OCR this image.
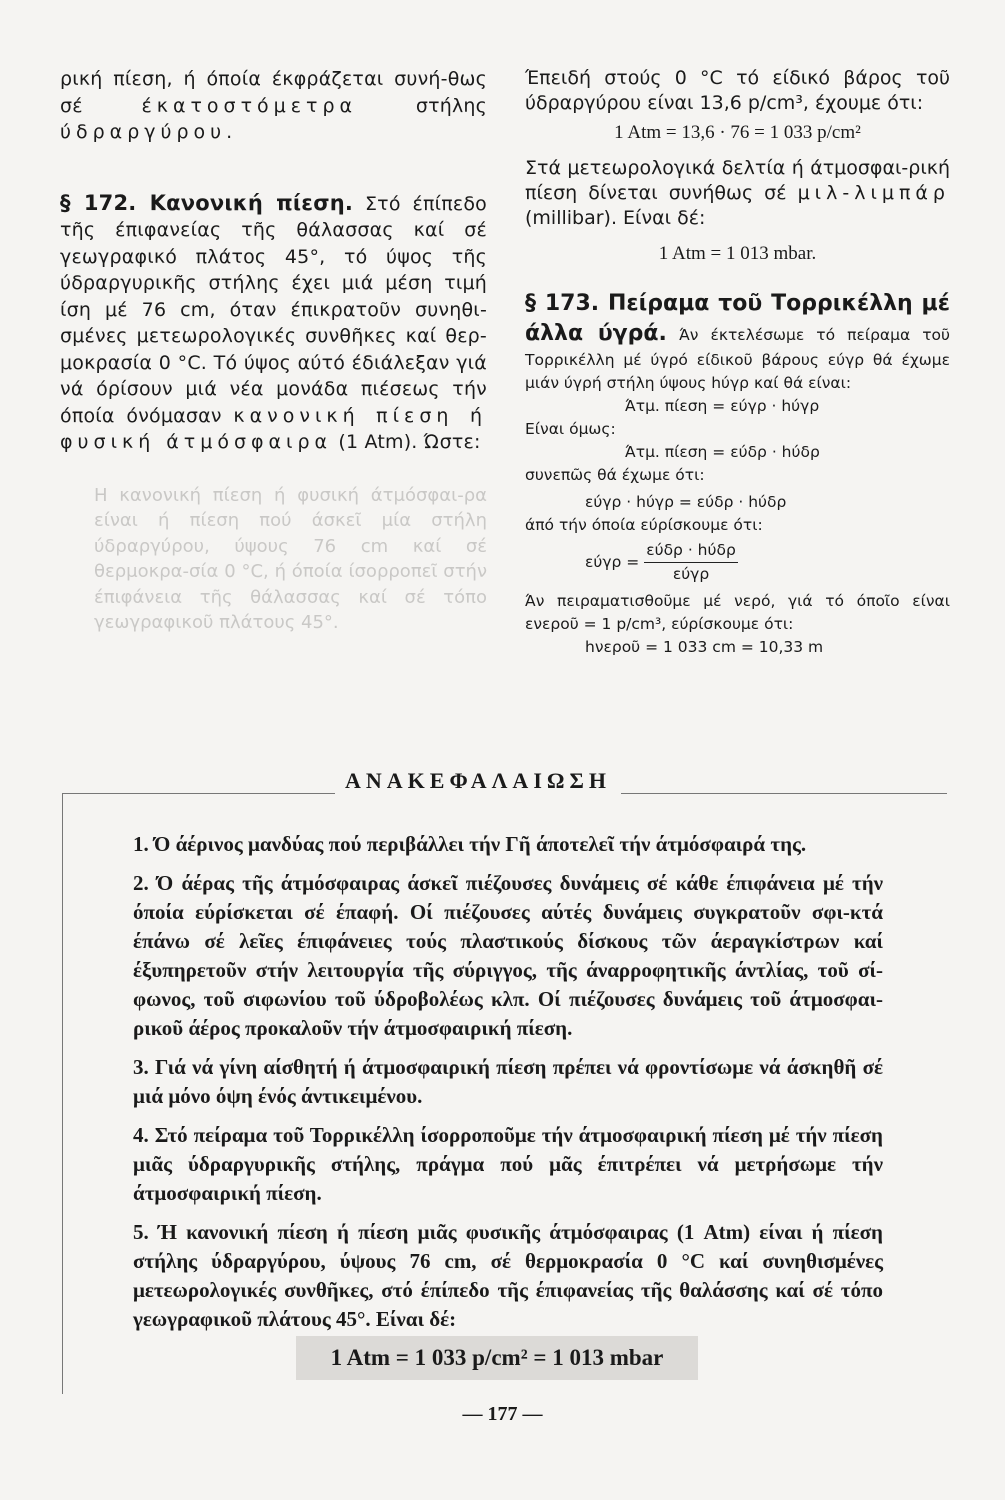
ρική πίεση, ή όποία έκφράζεται συνή-θως σέ	έκατοστόμετρα	στήλης ύδραργύρου.

§ 172. Κανονική πίεση. Στό έπίπεδο τῆς έπιφανείας τῆς θάλασσας καί σέ γεωγραφικό πλάτος 45°, τό ύψος τῆς ύδραργυρικῆς στήλης έχει μιά μέση τιμή ίση μέ 76 cm, όταν έπικρατοῦν συνηθι-σμένες μετεωρολογικές συνθῆκες καί θερ-μοκρασία 0 °C. Τό ύψος αύτό έδιάλεξαν γιά νά όρίσουν μιά νέα μονάδα πιέσεως τήν όποία όνόμασαν κανονική πίεση ή φυσική άτμόσφαιρα (1 Atm). Ώστε:

Η κανονική πίεση ή φυσική άτμόσφαι-ρα είναι ή πίεση πού άσκεῖ μία στήλη ύδραργύρου, ύψους 76 cm καί σέ θερμοκρα-σία 0 °C, ή όποία ίσορροπεῖ στήν έπιφάνεια τῆς θάλασσας καί σέ τόπο γεωγραφικοῦ πλάτους 45°.

Έπειδή στούς 0 °C τό είδικό βάρος τοῦ ύδραργύρου είναι 13,6 p/cm³, έχουμε ότι:

1 Atm = 13,6 · 76 = 1 033 p/cm²

Στά μετεωρολογικά δελτία ή άτμοσφαι-ρική πίεση δίνεται συνήθως σέ μιλ-λιμπάρ (millibar). Είναι δέ:

1 Atm = 1 013 mbar.

§ 173. Πείραμα τοῦ Τορρικέλλη μέ άλλα ύγρά. Άν έκτελέσωμε τό πείραμα τοῦ Τορρικέλλη μέ ύγρό είδικοῦ βάρους εύγρ θά έχωμε μιάν ύγρή στήλη ύψους hύγρ καί θά είναι:

Άτμ. πίεση = εύγρ · hύγρ
Είναι όμως:
Άτμ. πίεση = εύδρ · hύδρ
συνεπῶς θά έχωμε ότι:
εύγρ · hύγρ = εύδρ · hύδρ
άπό τήν όποία εύρίσκουμε ότι:
$\varepsilon ύ\gamma\rho = \frac{\text{εύδρ · hύδρ}}{\text{εύγρ}}$

Άν πειραματισθοῦμε μέ νερό, γιά τό όποῖο είναι ενεροῦ = 1 p/cm³, εύρίσκουμε ότι:

hνεροῦ = 1 033 cm = 10,33 m
ΑΝΑΚΕΦΑΛΑΙΩΣΗ

1. Ό άέρινος μανδύας πού περιβάλλει τήν Γῆ άποτελεῖ τήν άτμόσφαιρά της.

2. Ό άέρας τῆς άτμόσφαιρας άσκεῖ πιέζουσες δυνάμεις σέ κάθε έπιφάνεια μέ τήν όποία εύρίσκεται σέ έπαφή. Οί πιέζουσες αύτές δυνάμεις συγκρατοῦν σφι-κτά έπάνω σέ λεῖες έπιφάνειες τούς πλαστικούς δίσκους τῶν άεραγκίστρων καί έξυπηρετοῦν στήν λειτουργία τῆς σύριγγος, τῆς άναρροφητικῆς άντλίας, τοῦ σί-φωνος, τοῦ σιφωνίου τοῦ ύδροβολέως κλπ. Οί πιέζουσες δυνάμεις τοῦ άτμοσφαι-ρικοῦ άέρος προκαλοῦν τήν άτμοσφαιρική πίεση.

3. Γιά νά γίνη αίσθητή ή άτμοσφαιρική πίεση πρέπει νά φροντίσωμε νά άσκηθῆ σέ μιά μόνο όψη ένός άντικειμένου.

4. Στό πείραμα τοῦ Τορρικέλλη ίσορροποῦμε τήν άτμοσφαιρική πίεση μέ τήν πίεση μιᾶς ύδραργυρικῆς στήλης, πράγμα πού μᾶς έπιτρέπει νά μετρήσωμε τήν άτμοσφαιρική πίεση.

5. Ή κανονική πίεση ή πίεση μιᾶς φυσικῆς άτμόσφαιρας (1 Atm) είναι ή πίεση στήλης ύδραργύρου, ύψους 76 cm, σέ θερμοκρασία 0 °C καί συνηθισμένες μετεωρολογικές συνθῆκες, στό έπίπεδο τῆς έπιφανείας τῆς θαλάσσης καί σέ τόπο γεωγραφικοῦ πλάτους 45°. Είναι δέ:

1 Atm = 1 033 p/cm² = 1 013 mbar
— 177 —
